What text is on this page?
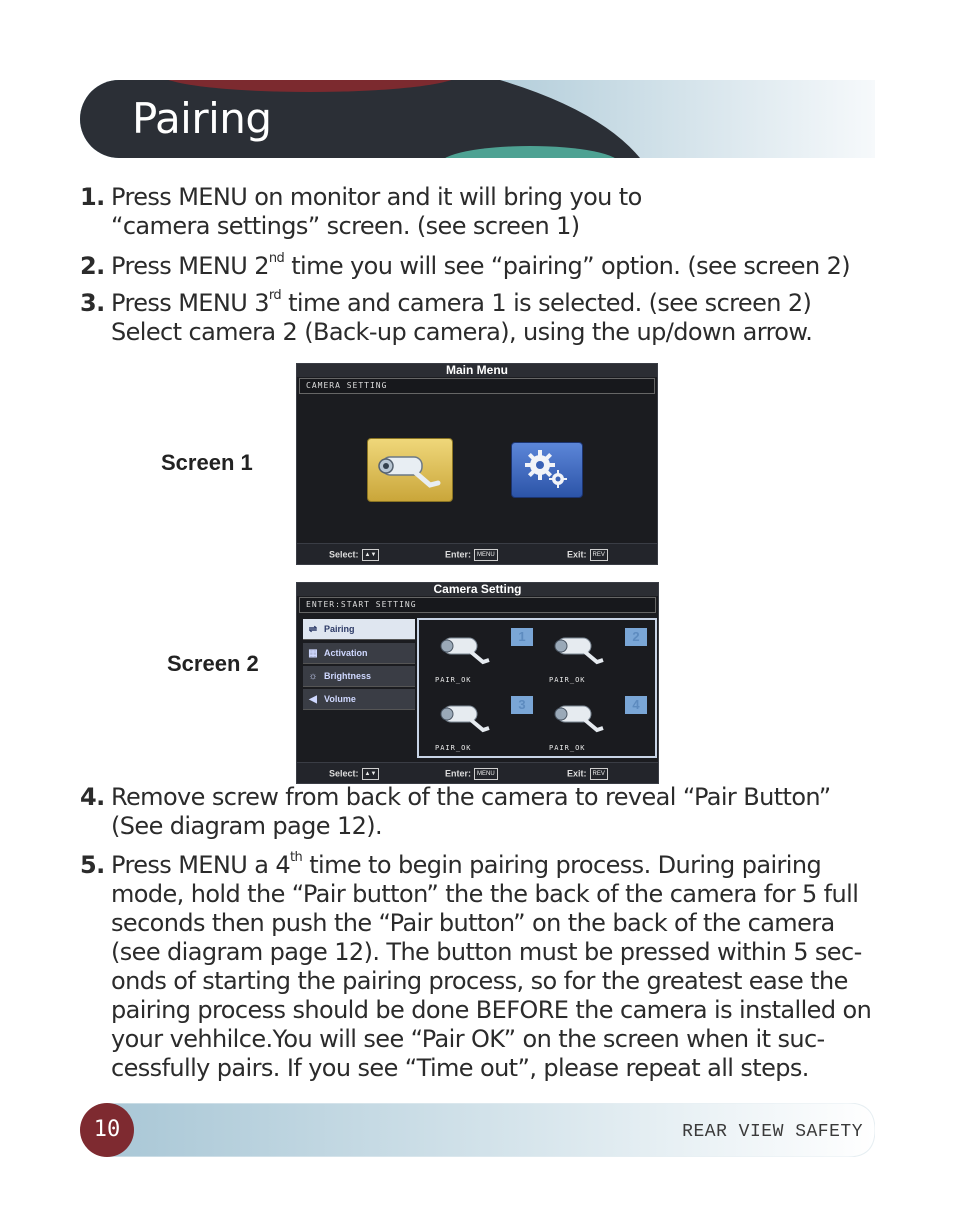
Pairing
1. Press MENU on monitor and it will bring you to
“camera settings” screen. (see screen 1)
2. Press MENU 2nd time you will see “pairing” option. (see screen 2)
3. Press MENU 3rd time and camera 1 is selected. (see screen 2)
Select camera 2 (Back-up camera), using the up/down arrow.
Screen 1
Main Menu
CAMERA SETTING
Select: ▲▼	Enter: MENU	Exit: REV
Screen 2
Camera Setting
ENTER:START SETTING
⇌ Pairing
▦ Activation
☼ Brightness
◀ Volume
1
PAIR_OK
2
PAIR_OK
3
PAIR_OK
4
PAIR_OK
Select: ▲▼	Enter: MENU	Exit: REV
4. Remove screw from back of the camera to reveal “Pair Button”
(See diagram page 12).
5. Press MENU a 4th time to begin pairing process. During pairing
mode, hold the “Pair button” the the back of the camera for 5 full
seconds then push the “Pair button” on the back of the camera
(see diagram page 12). The button must be pressed within 5 sec-
onds of starting the pairing process, so for the greatest ease the
pairing process should be done BEFORE the camera is installed on
your vehhilce.You will see “Pair OK” on the screen when it suc-
cessfully pairs. If you see “Time out”, please repeat all steps.
10	REAR VIEW SAFETY
